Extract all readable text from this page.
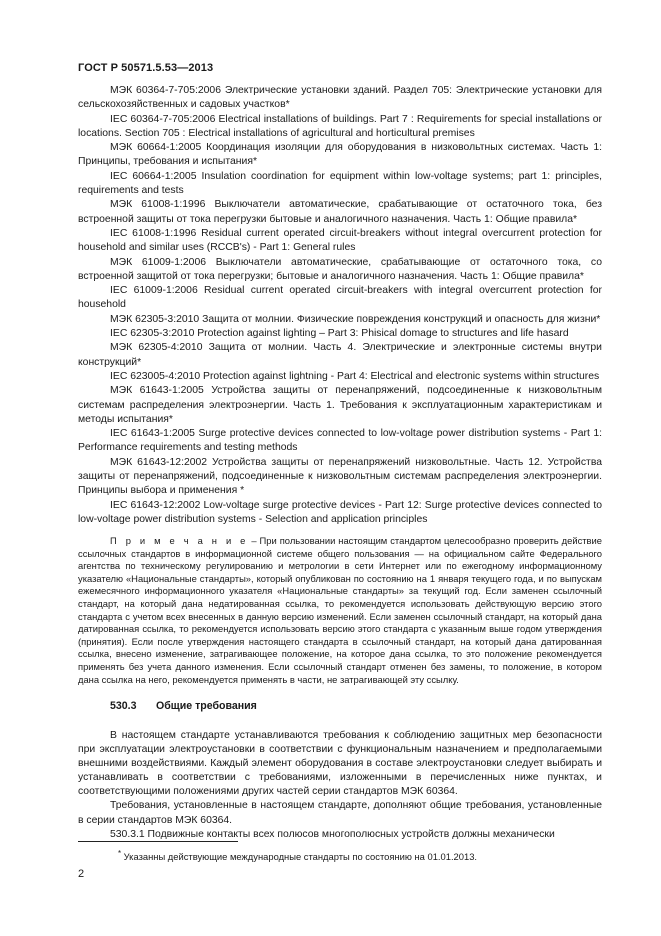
ГОСТ Р 50571.5.53—2013

МЭК 60364-7-705:2006 Электрические установки зданий. Раздел 705: Электрические установки для сельскохозяйственных и садовых участков*

IEC 60364-7-705:2006 Electrical installations of buildings. Part 7 : Requirements for special installations or locations. Section 705 : Electrical installations of agricultural and horticultural premises

МЭК 60664-1:2005 Координация изоляции для оборудования в низковольтных системах. Часть 1: Принципы, требования и испытания*

IEC 60664-1:2005 Insulation coordination for equipment within low-voltage systems; part 1: principles, requirements and tests

МЭК 61008-1:1996 Выключатели автоматические, срабатывающие от остаточного тока, без встроенной защиты от тока перегрузки бытовые и аналогичного назначения. Часть 1: Общие правила*

IEC 61008-1:1996 Residual current operated circuit-breakers without integral overcurrent protection for household and similar uses (RCCB's) - Part 1: General rules

МЭК 61009-1:2006 Выключатели автоматические, срабатывающие от остаточного тока, со встроенной защитой от тока перегрузки; бытовые и аналогичного назначения. Часть 1: Общие правила*

IEC 61009-1:2006 Residual current operated circuit-breakers with integral overcurrent protection for household

МЭК 62305-3:2010 Защита от молнии. Физические повреждения конструкций и опасность для жизни*

IEC 62305-3:2010 Protection against lighting – Part 3: Phisical domage to structures and life hasard

МЭК 62305-4:2010 Защита от молнии. Часть 4. Электрические и электронные системы внутри конструкций*

IEC 623005-4:2010 Protection against lightning - Part 4: Electrical and electronic systems within structures

МЭК 61643-1:2005 Устройства защиты от перенапряжений, подсоединенные к низковольтным системам распределения электроэнергии. Часть 1. Требования к эксплуатационным характеристикам и методы испытания*

IEC 61643-1:2005 Surge protective devices connected to low-voltage power distribution systems - Part 1: Performance requirements and testing methods

МЭК 61643-12:2002 Устройства защиты от перенапряжений низковольтные. Часть 12. Устройства защиты от перенапряжений, подсоединенные к низковольтным системам распределения электроэнергии. Принципы выбора и применения *

IEC 61643-12:2002 Low-voltage surge protective devices - Part 12: Surge protective devices connected to low-voltage power distribution systems - Selection and application principles

П р и м е ч а н и е – При пользовании настоящим стандартом целесообразно проверить действие ссылочных стандартов в информационной системе общего пользования — на официальном сайте Федерального агентства по техническому регулированию и метрологии в сети Интернет или по ежегодному информационному указателю «Национальные стандарты», который опубликован по состоянию на 1 января текущего года, и по выпускам ежемесячного информационного указателя «Национальные стандарты» за текущий год. Если заменен ссылочный стандарт, на который дана недатированная ссылка, то рекомендуется использовать действующую версию этого стандарта с учетом всех внесенных в данную версию изменений. Если заменен ссылочный стандарт, на который дана датированная ссылка, то рекомендуется использовать версию этого стандарта с указанным выше годом утверждения (принятия). Если после утверждения настоящего стандарта в ссылочный стандарт, на который дана датированная ссылка, внесено изменение, затрагивающее положение, на которое дана ссылка, то это положение рекомендуется применять без учета данного изменения. Если ссылочный стандарт отменен без замены, то положение, в котором дана ссылка на него, рекомендуется применять в части, не затрагивающей эту ссылку.

530.3 Общие требования

В настоящем стандарте устанавливаются требования к соблюдению защитных мер безопасности при эксплуатации электроустановки в соответствии с функциональным назначением и предполагаемыми внешними воздействиями. Каждый элемент оборудования в составе электроустановки следует выбирать и устанавливать в соответствии с требованиями, изложенными в перечисленных ниже пунктах, и соответствующими положениями других частей серии стандартов МЭК 60364.

Требования, установленные в настоящем стандарте, дополняют общие требования, установленные в серии стандартов МЭК 60364.

530.3.1 Подвижные контакты всех полюсов многополюсных устройств должны механически

* Указанны действующие международные стандарты по состоянию на 01.01.2013.
2
